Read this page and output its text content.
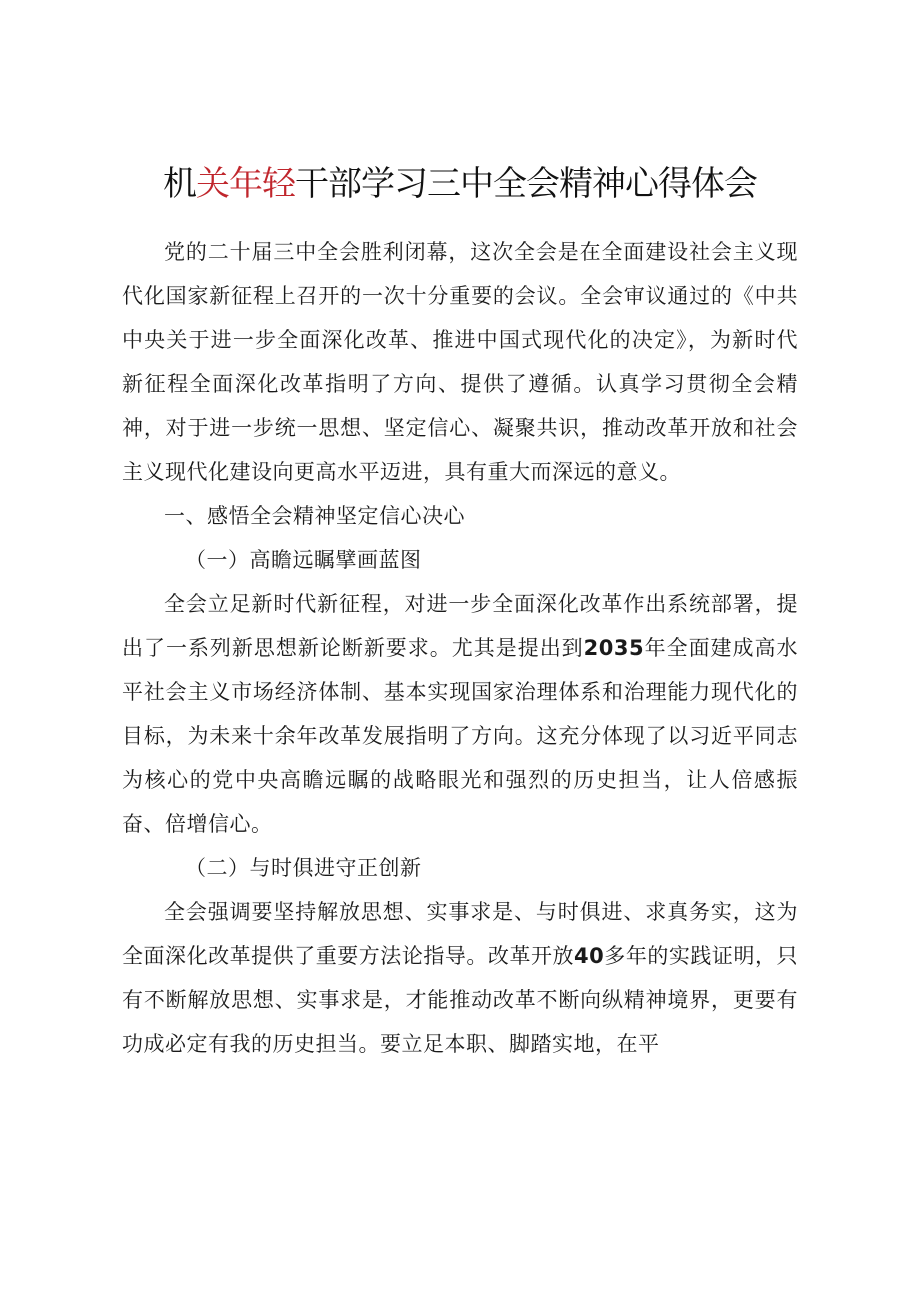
机关年轻干部学习三中全会精神心得体会

党的二十届三中全会胜利闭幕，这次全会是在全面建设社会主义现代化国家新征程上召开的一次十分重要的会议。全会审议通过的《中共中央关于进一步全面深化改革、推进中国式现代化的决定》，为新时代新征程全面深化改革指明了方向、提供了遵循。认真学习贯彻全会精神，对于进一步统一思想、坚定信心、凝聚共识，推动改革开放和社会主义现代化建设向更高水平迈进，具有重大而深远的意义。

一、感悟全会精神坚定信心决心

（一）高瞻远瞩擘画蓝图

全会立足新时代新征程，对进一步全面深化改革作出系统部署，提出了一系列新思想新论断新要求。尤其是提出到2035年全面建成高水平社会主义市场经济体制、基本实现国家治理体系和治理能力现代化的目标，为未来十余年改革发展指明了方向。这充分体现了以习近平同志为核心的党中央高瞻远瞩的战略眼光和强烈的历史担当，让人倍感振奋、倍增信心。

（二）与时俱进守正创新

全会强调要坚持解放思想、实事求是、与时俱进、求真务实，这为全面深化改革提供了重要方法论指导。改革开放40多年的实践证明，只有不断解放思想、实事求是，才能推动改革不断向纵精神境界，更要有功成必定有我的历史担当。要立足本职、脚踏实地，在平
